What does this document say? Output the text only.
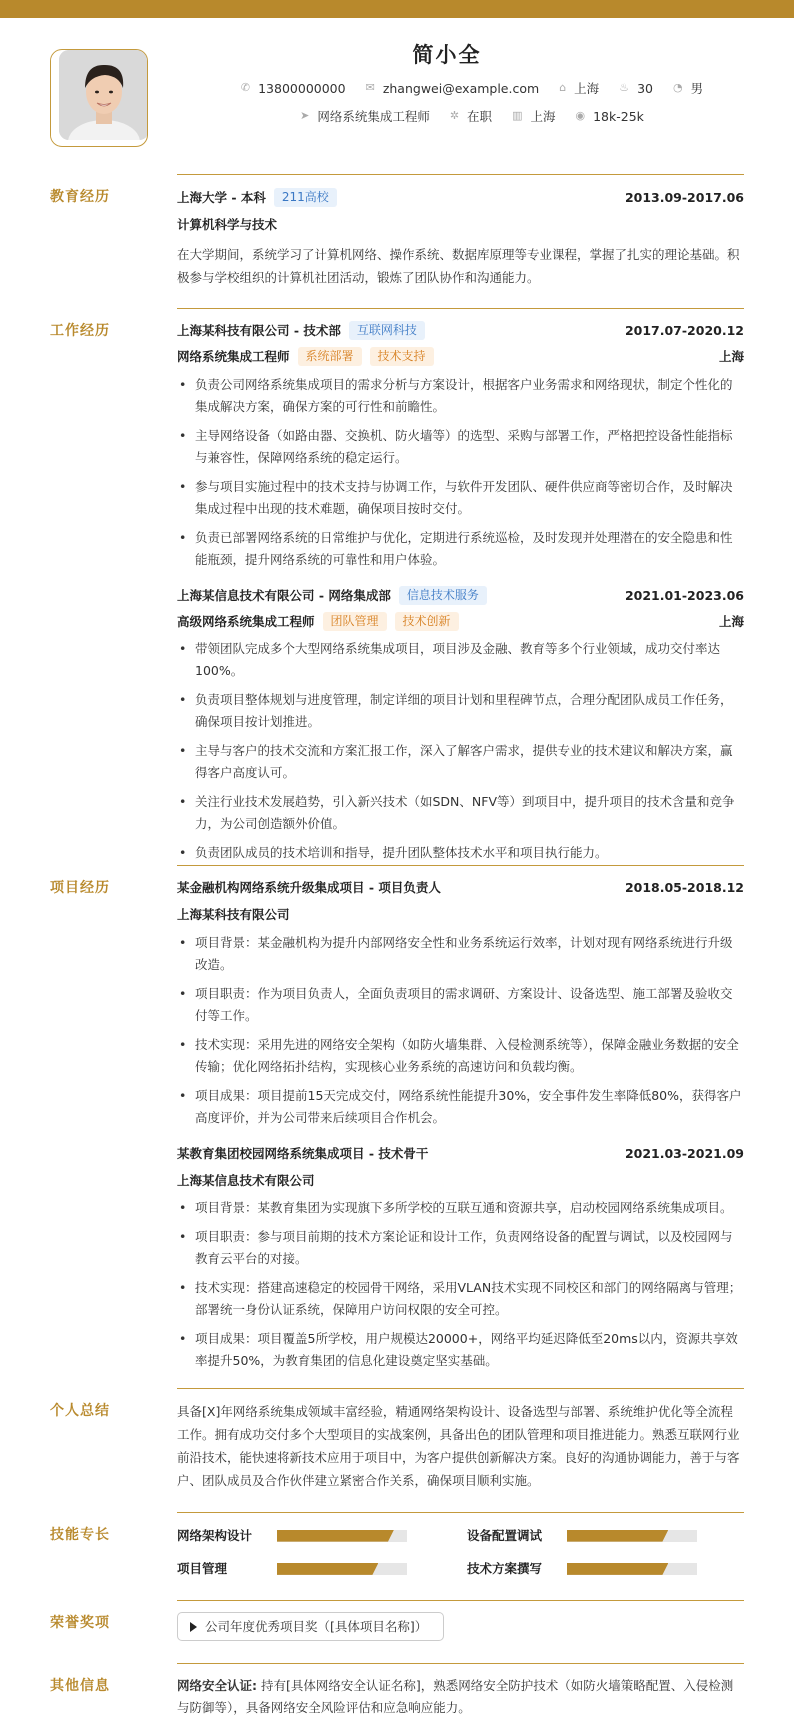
简小全
✆ 13800000000 ✉ zhangwei@example.com ⌂ 上海 ♨ 30 ◔ 男
➤ 网络系统集成工程师 ✲ 在职 ▥ 上海 ◉ 18k-25k
教育经历	上海大学 - 本科	211高校	2013.09-2017.06
计算机科学与技术
在大学期间，系统学习了计算机网络、操作系统、数据库原理等专业课程，掌握了扎实的理论基础。积极参与学校组织的计算机社团活动，锻炼了团队协作和沟通能力。
工作经历	上海某科技有限公司 - 技术部	互联网科技	2017.07-2020.12
网络系统集成工程师	系统部署	技术支持	上海
• 负责公司网络系统集成项目的需求分析与方案设计，根据客户业务需求和网络现状，制定个性化的集成解决方案，确保方案的可行性和前瞻性。
• 主导网络设备（如路由器、交换机、防火墙等）的选型、采购与部署工作，严格把控设备性能指标与兼容性，保障网络系统的稳定运行。
• 参与项目实施过程中的技术支持与协调工作，与软件开发团队、硬件供应商等密切合作，及时解决集成过程中出现的技术难题，确保项目按时交付。
• 负责已部署网络系统的日常维护与优化，定期进行系统巡检，及时发现并处理潜在的安全隐患和性能瓶颈，提升网络系统的可靠性和用户体验。
上海某信息技术有限公司 - 网络集成部	信息技术服务	2021.01-2023.06
高级网络系统集成工程师	团队管理	技术创新	上海
• 带领团队完成多个大型网络系统集成项目，项目涉及金融、教育等多个行业领域，成功交付率达100%。
• 负责项目整体规划与进度管理，制定详细的项目计划和里程碑节点，合理分配团队成员工作任务，确保项目按计划推进。
• 主导与客户的技术交流和方案汇报工作，深入了解客户需求，提供专业的技术建议和解决方案，赢得客户高度认可。
• 关注行业技术发展趋势，引入新兴技术（如SDN、NFV等）到项目中，提升项目的技术含量和竞争力，为公司创造额外价值。
• 负责团队成员的技术培训和指导，提升团队整体技术水平和项目执行能力。
项目经历	某金融机构网络系统升级集成项目 - 项目负责人	2018.05-2018.12
上海某科技有限公司
• 项目背景：某金融机构为提升内部网络安全性和业务系统运行效率，计划对现有网络系统进行升级改造。
• 项目职责：作为项目负责人，全面负责项目的需求调研、方案设计、设备选型、施工部署及验收交付等工作。
• 技术实现：采用先进的网络安全架构（如防火墙集群、入侵检测系统等），保障金融业务数据的安全传输；优化网络拓扑结构，实现核心业务系统的高速访问和负载均衡。
• 项目成果：项目提前15天完成交付，网络系统性能提升30%，安全事件发生率降低80%，获得客户高度评价，并为公司带来后续项目合作机会。
某教育集团校园网络系统集成项目 - 技术骨干	2021.03-2021.09
上海某信息技术有限公司
• 项目背景：某教育集团为实现旗下多所学校的互联互通和资源共享，启动校园网络系统集成项目。
• 项目职责：参与项目前期的技术方案论证和设计工作，负责网络设备的配置与调试，以及校园网与教育云平台的对接。
• 技术实现：搭建高速稳定的校园骨干网络，采用VLAN技术实现不同校区和部门的网络隔离与管理；部署统一身份认证系统，保障用户访问权限的安全可控。
• 项目成果：项目覆盖5所学校，用户规模达20000+，网络平均延迟降低至20ms以内，资源共享效率提升50%，为教育集团的信息化建设奠定坚实基础。
个人总结	具备[X]年网络系统集成领域丰富经验，精通网络架构设计、设备选型与部署、系统维护优化等全流程工作。拥有成功交付多个大型项目的实战案例，具备出色的团队管理和项目推进能力。熟悉互联网行业前沿技术，能快速将新技术应用于项目中，为客户提供创新解决方案。良好的沟通协调能力，善于与客户、团队成员及合作伙伴建立紧密合作关系，确保项目顺利实施。
技能专长	网络架构设计	设备配置调试
项目管理	技术方案撰写
荣誉奖项	公司年度优秀项目奖（[具体项目名称]）
其他信息	网络安全认证: 持有[具体网络安全认证名称]，熟悉网络安全防护技术（如防火墙策略配置、入侵检测与防御等），具备网络安全风险评估和应急响应能力。
